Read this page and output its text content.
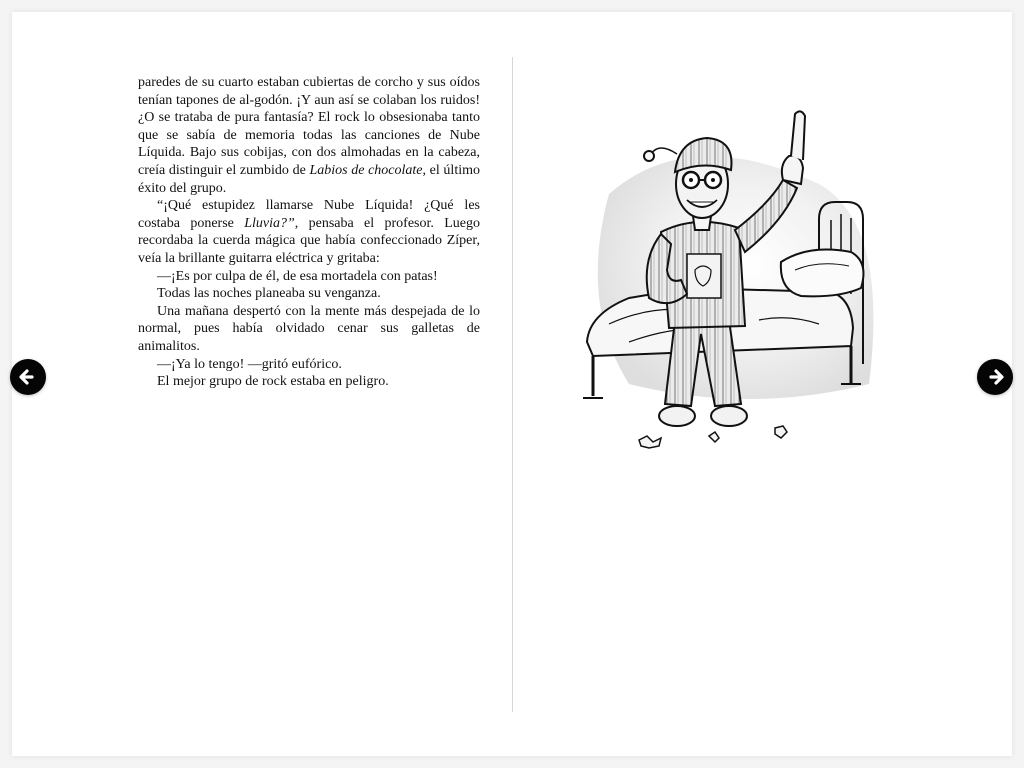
paredes de su cuarto estaban cubiertas de corcho y sus oídos tenían tapones de al-godón. ¡Y aun así se colaban los ruidos! ¿O se trataba de pura fantasía? El rock lo obsesionaba tanto que se sabía de memoria todas las canciones de Nube Líquida. Bajo sus cobijas, con dos almohadas en la cabeza, creía distinguir el zumbido de Labios de chocolate, el último éxito del grupo.

“¡Qué estupidez llamarse Nube Líquida! ¿Qué les costaba ponerse Lluvia?”, pensaba el profesor. Luego recordaba la cuerda mágica que había confeccionado Zíper, veía la brillante guitarra eléctrica y gritaba:

—¡Es por culpa de él, de esa mortadela con patas!

Todas las noches planeaba su venganza.

Una mañana despertó con la mente más despejada de lo normal, pues había olvidado cenar sus galletas de animalitos.

—¡Ya lo tengo! —gritó eufórico.

El mejor grupo de rock estaba en peligro.
